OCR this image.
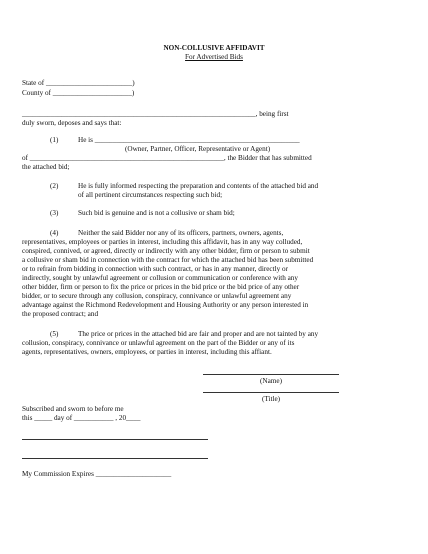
NON-COLLUSIVE AFFIDAVIT
For Advertised Bids
State of ________________________)
County of ______________________)
_________________________________________________________________, being first
duly sworn, deposes and says that:
(1)	He is _________________________________________________________
(Owner, Partner, Officer, Representative or Agent)
of ______________________________________________________, the Bidder that has submitted
the attached bid;
(2)	He is fully informed respecting the preparation and contents of the attached bid and
of all pertinent circumstances respecting such bid;
(3)	Such bid is genuine and is not a collusive or sham bid;
(4)	Neither the said Bidder nor any of its officers, partners, owners, agents,
representatives, employees or parties in interest, including this affidavit, has in any way colluded,
conspired, connived, or agreed, directly or indirectly with any other bidder, firm or person to submit
a collusive or sham bid in connection with the contract for which the attached bid has been submitted
or to refrain from bidding in connection with such contract, or has in any manner, directly or
indirectly, sought by unlawful agreement or collusion or communication or conference with any
other bidder, firm or person to fix the price or prices in the bid price or the bid price of any other
bidder, or to secure through any collusion, conspiracy, connivance or unlawful agreement any
advantage against the Richmond Redevelopment and Housing Authority or any person interested in
the proposed contract; and
(5)	The price or prices in the attached bid are fair and proper and are not tainted by any
collusion, conspiracy, connivance or unlawful agreement on the part of the Bidder or any of its
agents, representatives, owners, employees, or parties in interest, including this affiant.
(Name)
(Title)
Subscribed and sworn to before me
this _____ day of ___________ , 20____
My Commission Expires _____________________
